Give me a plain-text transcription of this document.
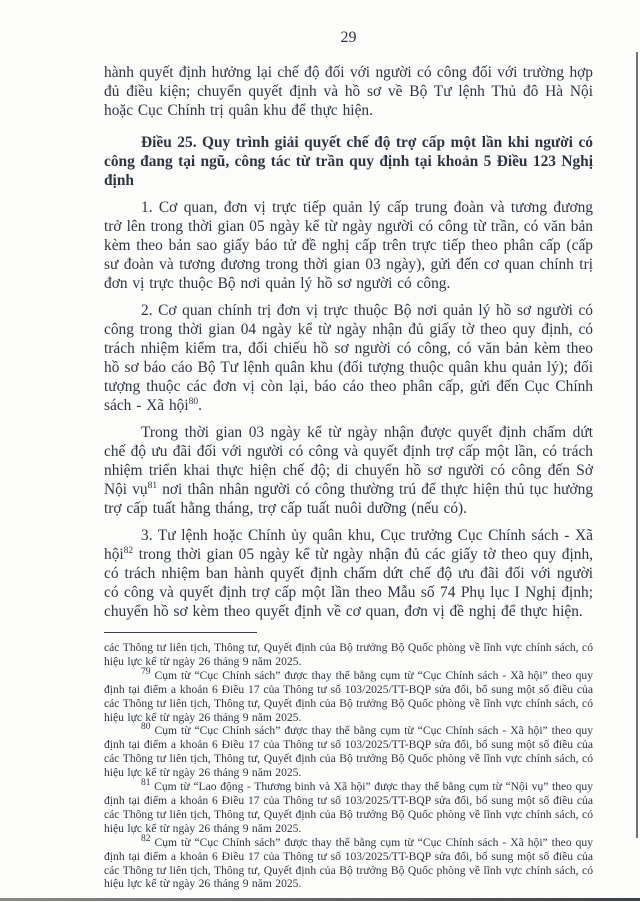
29

hành quyết định hưởng lại chế độ đối với người có công đối với trường hợp đủ điều kiện; chuyển quyết định và hồ sơ về Bộ Tư lệnh Thủ đô Hà Nội hoặc Cục Chính trị quân khu để thực hiện.

Điều 25. Quy trình giải quyết chế độ trợ cấp một lần khi người có công đang tại ngũ, công tác từ trần quy định tại khoản 5 Điều 123 Nghị định

1. Cơ quan, đơn vị trực tiếp quản lý cấp trung đoàn và tương đương trở lên trong thời gian 05 ngày kể từ ngày người có công từ trần, có văn bản kèm theo bản sao giấy báo tử đề nghị cấp trên trực tiếp theo phân cấp (cấp sư đoàn và tương đương trong thời gian 03 ngày), gửi đến cơ quan chính trị đơn vị trực thuộc Bộ nơi quản lý hồ sơ người có công.

2. Cơ quan chính trị đơn vị trực thuộc Bộ nơi quản lý hồ sơ người có công trong thời gian 04 ngày kể từ ngày nhận đủ giấy tờ theo quy định, có trách nhiệm kiểm tra, đối chiếu hồ sơ người có công, có văn bản kèm theo hồ sơ báo cáo Bộ Tư lệnh quân khu (đối tượng thuộc quân khu quản lý); đối tượng thuộc các đơn vị còn lại, báo cáo theo phân cấp, gửi đến Cục Chính sách - Xã hội$^{80}$.

Trong thời gian 03 ngày kể từ ngày nhận được quyết định chấm dứt chế độ ưu đãi đối với người có công và quyết định trợ cấp một lần, có trách nhiệm triển khai thực hiện chế độ; di chuyển hồ sơ người có công đến Sở Nội vụ$^{81}$ nơi thân nhân người có công thường trú để thực hiện thủ tục hưởng trợ cấp tuất hằng tháng, trợ cấp tuất nuôi dưỡng (nếu có).

3. Tư lệnh hoặc Chính ủy quân khu, Cục trưởng Cục Chính sách - Xã hội$^{82}$ trong thời gian 05 ngày kể từ ngày nhận đủ các giấy tờ theo quy định, có trách nhiệm ban hành quyết định chấm dứt chế độ ưu đãi đối với người có công và quyết định trợ cấp một lần theo Mẫu số 74 Phụ lục I Nghị định; chuyển hồ sơ kèm theo quyết định về cơ quan, đơn vị đề nghị để thực hiện.

các Thông tư liên tịch, Thông tư, Quyết định của Bộ trưởng Bộ Quốc phòng về lĩnh vực chính sách, có hiệu lực kể từ ngày 26 tháng 9 năm 2025.

$^{79}$ Cụm từ “Cục Chính sách” được thay thế bằng cụm từ “Cục Chính sách - Xã hội” theo quy định tại điểm a khoản 6 Điều 17 của Thông tư số 103/2025/TT-BQP sửa đổi, bổ sung một số điều của các Thông tư liên tịch, Thông tư, Quyết định của Bộ trưởng Bộ Quốc phòng về lĩnh vực chính sách, có hiệu lực kể từ ngày 26 tháng 9 năm 2025.

$^{80}$ Cụm từ “Cục Chính sách” được thay thế bằng cụm từ “Cục Chính sách - Xã hội” theo quy định tại điểm a khoản 6 Điều 17 của Thông tư số 103/2025/TT-BQP sửa đổi, bổ sung một số điều của các Thông tư liên tịch, Thông tư, Quyết định của Bộ trưởng Bộ Quốc phòng về lĩnh vực chính sách, có hiệu lực kể từ ngày 26 tháng 9 năm 2025.

$^{81}$ Cụm từ “Lao động - Thương binh và Xã hội” được thay thế bằng cụm từ “Nội vụ” theo quy định tại điểm a khoản 6 Điều 17 của Thông tư số 103/2025/TT-BQP sửa đổi, bổ sung một số điều của các Thông tư liên tịch, Thông tư, Quyết định của Bộ trưởng Bộ Quốc phòng về lĩnh vực chính sách, có hiệu lực kể từ ngày 26 tháng 9 năm 2025.

$^{82}$ Cụm từ “Cục Chính sách” được thay thế bằng cụm từ “Cục Chính sách - Xã hội” theo quy định tại điểm a khoản 6 Điều 17 của Thông tư số 103/2025/TT-BQP sửa đổi, bổ sung một số điều của các Thông tư liên tịch, Thông tư, Quyết định của Bộ trưởng Bộ Quốc phòng về lĩnh vực chính sách, có hiệu lực kể từ ngày 26 tháng 9 năm 2025.
